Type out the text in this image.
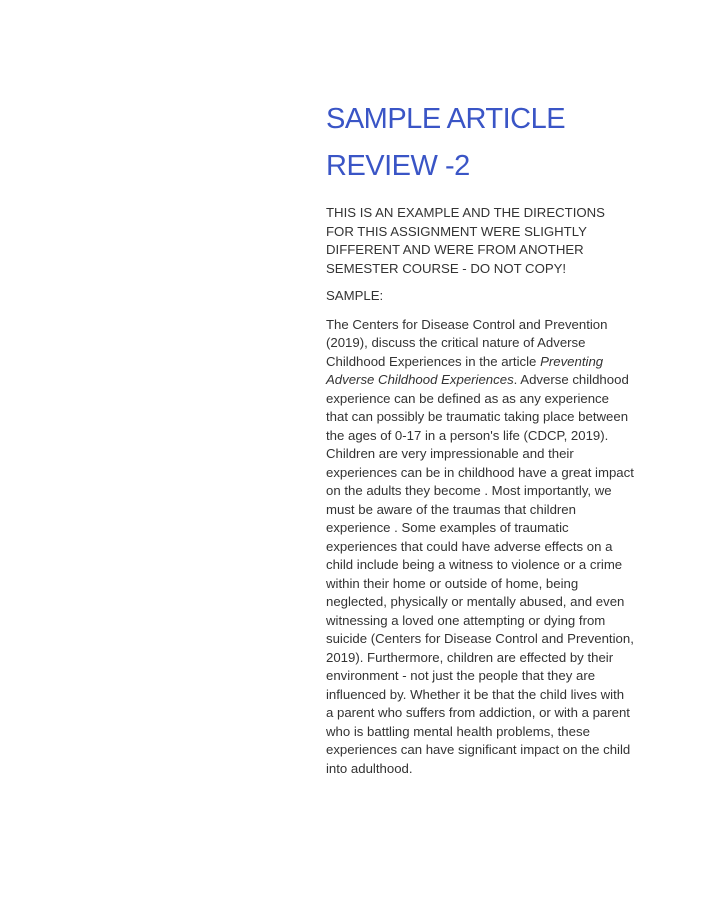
SAMPLE ARTICLE
REVIEW -2

THIS IS AN EXAMPLE AND THE DIRECTIONS FOR THIS ASSIGNMENT WERE SLIGHTLY DIFFERENT AND WERE FROM ANOTHER SEMESTER COURSE - DO NOT COPY!

SAMPLE:

The Centers for Disease Control and Prevention (2019), discuss the critical nature of Adverse Childhood Experiences in the article Preventing Adverse Childhood Experiences. Adverse childhood experience can be defined as as any experience that can possibly be traumatic taking place between the ages of 0-17 in a person's life (CDCP, 2019). Children are very impressionable and their experiences can be in childhood have a great impact on the adults they become . Most importantly, we must be aware of the traumas that children experience . Some examples of traumatic experiences that could have adverse effects on a child include being a witness to violence or a crime within their home or outside of home, being neglected, physically or mentally abused, and even witnessing a loved one attempting or dying from suicide (Centers for Disease Control and Prevention, 2019). Furthermore, children are effected by their environment - not just the people that they are influenced by. Whether it be that the child lives with a parent who suffers from addiction, or with a parent who is battling mental health problems, these experiences can have significant impact on the child into adulthood.
